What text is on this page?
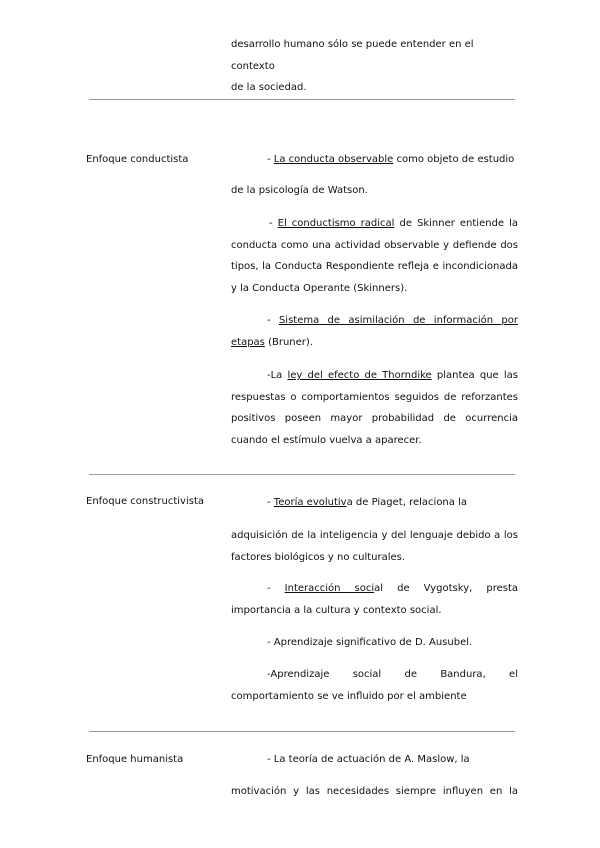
desarrollo humano sólo se puede entender en el contexto
de la sociedad.
Enfoque conductista	- La conducta observable como objeto de estudio
de la psicología de Watson.
- El conductismo radical de Skinner entiende la conducta como una actividad observable y defiende dos tipos, la Conducta Respondiente refleja e incondicionada y la Conducta Operante (Skinners).
- Sistema de asimilación de información por etapas (Bruner).
-La ley del efecto de Thorndike plantea que las respuestas o comportamientos seguidos de reforzantes positivos poseen mayor probabilidad de ocurrencia cuando el estímulo vuelva a aparecer.
Enfoque constructivista	- Teoría evolutiva de Piaget, relaciona la
adquisición de la inteligencia y del lenguaje debido a los factores biológicos y no culturales.
- Interacción social de Vygotsky, presta importancia a la cultura y contexto social.
- Aprendizaje significativo de D. Ausubel.
-Aprendizaje social de Bandura, el
comportamiento se ve influido por el ambiente
Enfoque humanista	- La teoría de actuación de A. Maslow, la
motivación y las necesidades siempre influyen en la
